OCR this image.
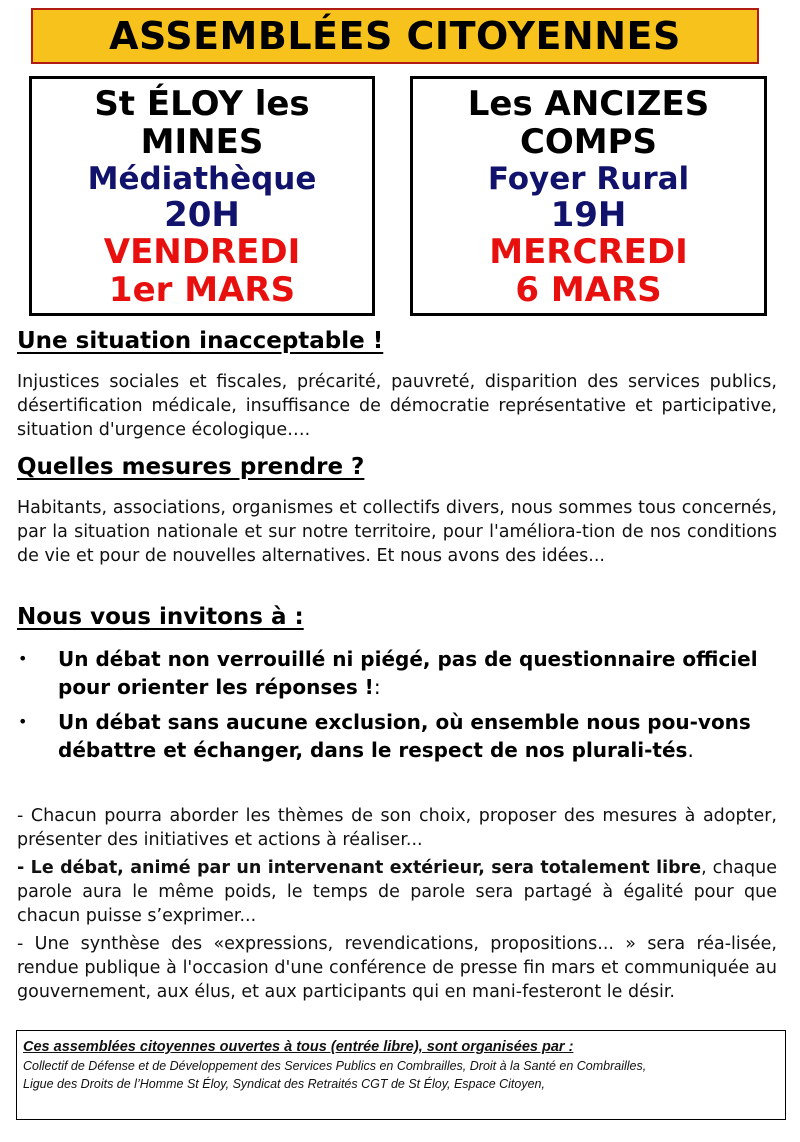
ASSEMBLÉES CITOYENNES
St ÉLOY les
MINES
Médiathèque
20H
VENDREDI
1er MARS
Les ANCIZES
COMPS
Foyer Rural
19H
MERCREDI
6 MARS
Une situation inacceptable !
Injustices sociales et fiscales, précarité, pauvreté, disparition des services publics, désertification médicale, insuffisance de démocratie représentative et participative, situation d'urgence écologique….
Quelles mesures prendre ?
Habitants, associations, organismes et collectifs divers, nous sommes tous concernés, par la situation nationale et sur notre territoire, pour l'améliora-tion de nos conditions de vie et pour de nouvelles alternatives. Et nous avons des idées...
Nous vous invitons à :
• Un débat non verrouillé ni piégé, pas de questionnaire officiel pour orienter les réponses !:
• Un débat sans aucune exclusion, où ensemble nous pou-vons débattre et échanger, dans le respect de nos plurali-tés.
- Chacun pourra aborder les thèmes de son choix, proposer des mesures à adopter, présenter des initiatives et actions à réaliser...
- Le débat, animé par un intervenant extérieur, sera totalement libre, chaque parole aura le même poids, le temps de parole sera partagé à égalité pour que chacun puisse s’exprimer...
- Une synthèse des «expressions, revendications, propositions... » sera réa-lisée, rendue publique à l'occasion d'une conférence de presse fin mars et communiquée au gouvernement, aux élus, et aux participants qui en mani-festeront le désir.
Ces assemblées citoyennes ouvertes à tous (entrée libre), sont organisées par :
Collectif de Défense et de Développement des Services Publics en Combrailles, Droit à la Santé en Combrailles,
Ligue des Droits de l’Homme St Éloy, Syndicat des Retraités CGT de St Éloy, Espace Citoyen,
